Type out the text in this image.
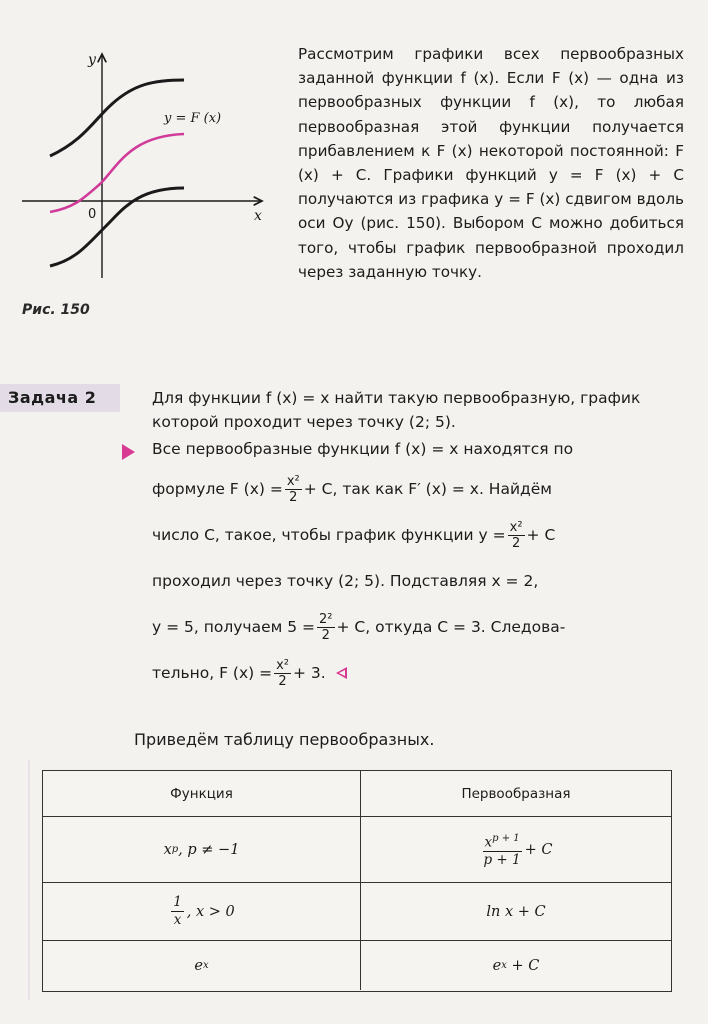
y
x
0
y = F (x)
Рис. 150

Рассмотрим графики всех первообразных заданной функции f (x). Если F (x) — одна из первообразных функции f (x), то любая первообразная этой функции получается прибавлением к F (x) некоторой постоянной: F (x) + C. Графики функций y = F (x) + C получаются из графика y = F (x) сдвигом вдоль оси Oy (рис. 150). Выбором C можно добиться того, чтобы график первообразной проходил через заданную точку.

Задача 2	Для функции f (x) = x найти такую первообразную, график которой проходит через точку (2; 5).
Все первообразные функции f (x) = x находятся по
формуле F $(x) = \frac{\text{x²}}{2} + C$, так как F′ (x) = x. Найдём
число C, такое, чтобы график функции $y = \frac{\text{x²}}{2} + C$
проходил через точку (2; 5). Подставляя x = 2,
y = 5, получаем $5 = \frac{\text{2²}}{2} + C$, откуда C = 3. Следова-
тельно, F $(x) = \frac{\text{x²}}{2} + 3$.
Приведём таблицу первообразных.
Функция	Первообразная
x p , p ≠ −1	$\frac{x^{p + 1}}{p + 1} + C$
$\frac{1}{x}$ , x > 0	ln x + C
e x	e x
+ C
